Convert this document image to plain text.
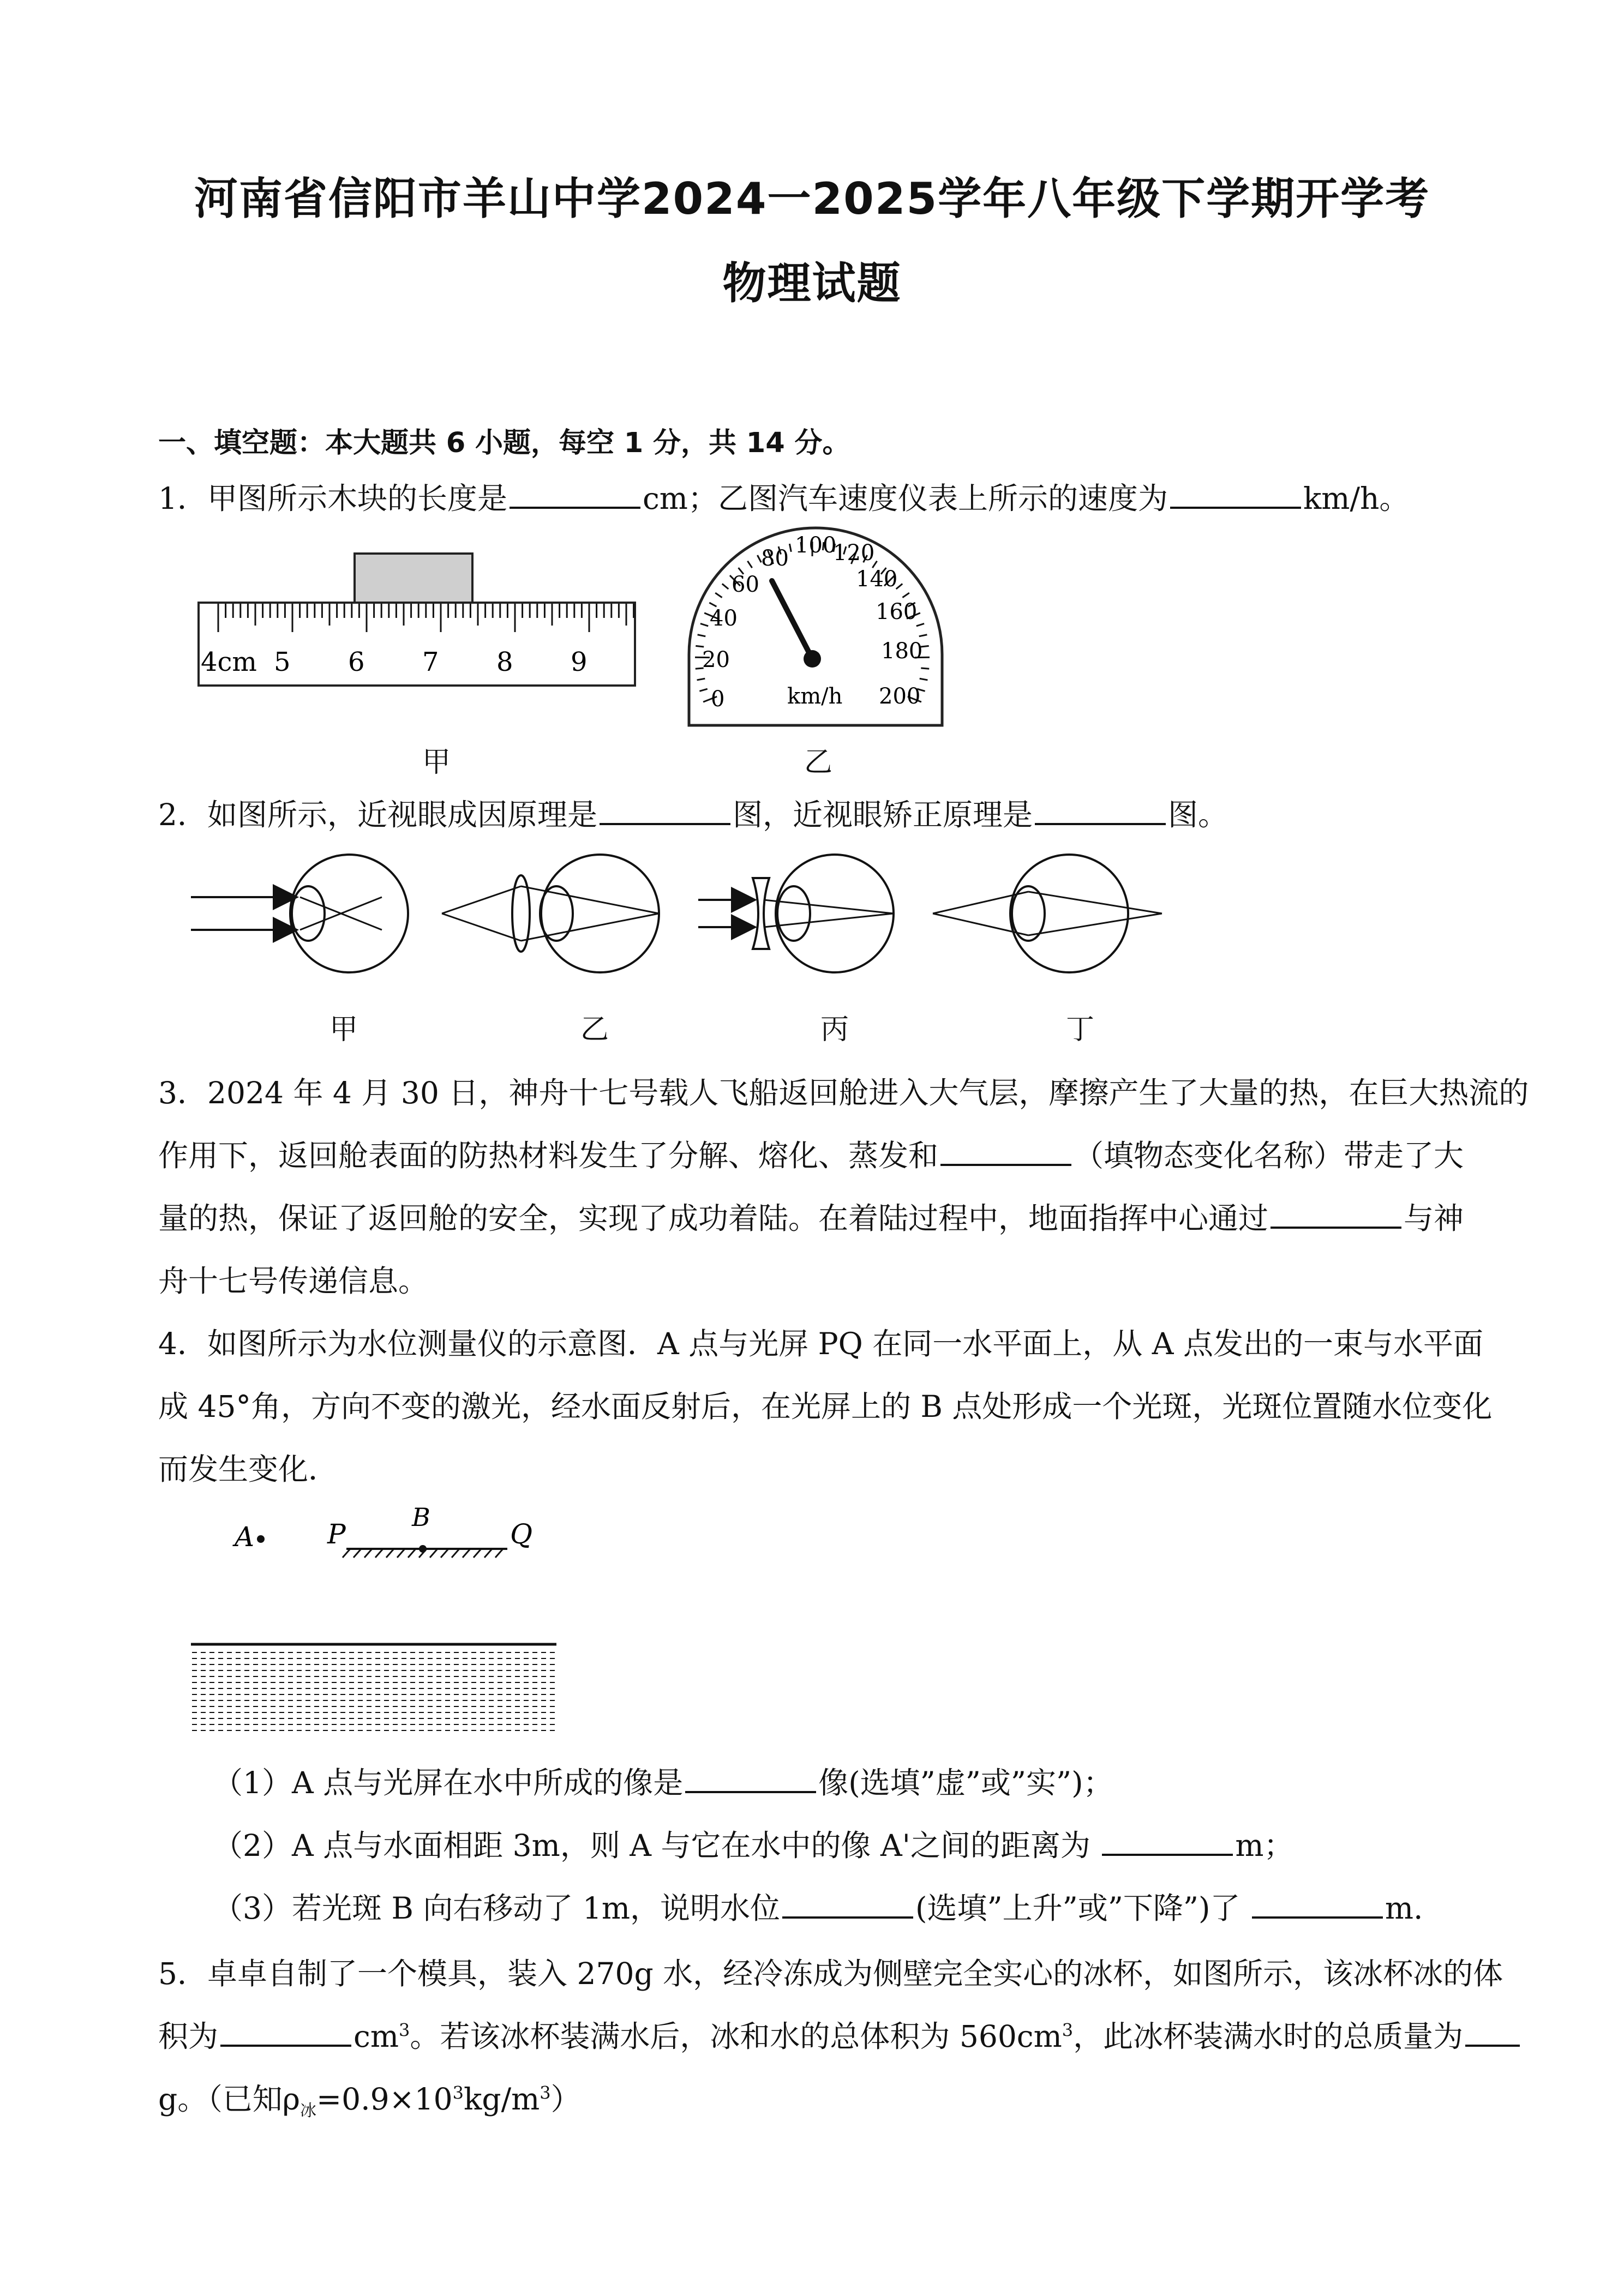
河南省信阳市羊山中学2024一2025学年八年级下学期开学考
物理试题
一、填空题：本大题共 6 小题，每空 1 分，共 14 分。
1．甲图所示木块的长度是	cm；乙图汽车速度仪表上所示的速度为	km/h。
4cm 5 6 7 8 9
甲
0
20
40
60
80
100
120
140
160
180
200
km/h
乙
2．如图所示，近视眼成因原理是	图，近视眼矫正原理是	图。
甲	乙	丙	丁
3．2024 年 4 月 30 日，神舟十七号载人飞船返回舱进入大气层，摩擦产生了大量的热，在巨大热流的
作用下，返回舱表面的防热材料发生了分解、熔化、蒸发和	（填物态变化名称）带走了大
量的热，保证了返回舱的安全，实现了成功着陆。在着陆过程中，地面指挥中心通过	与神
舟十七号传递信息。
4．如图所示为水位测量仪的示意图．A 点与光屏 PQ 在同一水平面上，从 A 点发出的一束与水平面
成 45°角，方向不变的激光，经水面反射后，在光屏上的 B 点处形成一个光斑，光斑位置随水位变化
而发生变化．
A	P
B
Q
（1）A 点与光屏在水中所成的像是	像(选填”虚”或”实”)；
（2）A 点与水面相距 3m，则 A 与它在水中的像 A'之间的距离为	m；
（3）若光斑 B 向右移动了 1m，说明水位	(选填”上升”或”下降”)了	m.
5．卓卓自制了一个模具，装入 270g 水，经冷冻成为侧壁完全实心的冰杯，如图所示，该冰杯冰的体
积为	$cm^3$。若该冰杯装满水后，冰和水的总体积为 $560cm^3$，此冰杯装满水时的总质量为
g。（已知$\rho_冰=0.9\times 10^3kg/m^3$）
